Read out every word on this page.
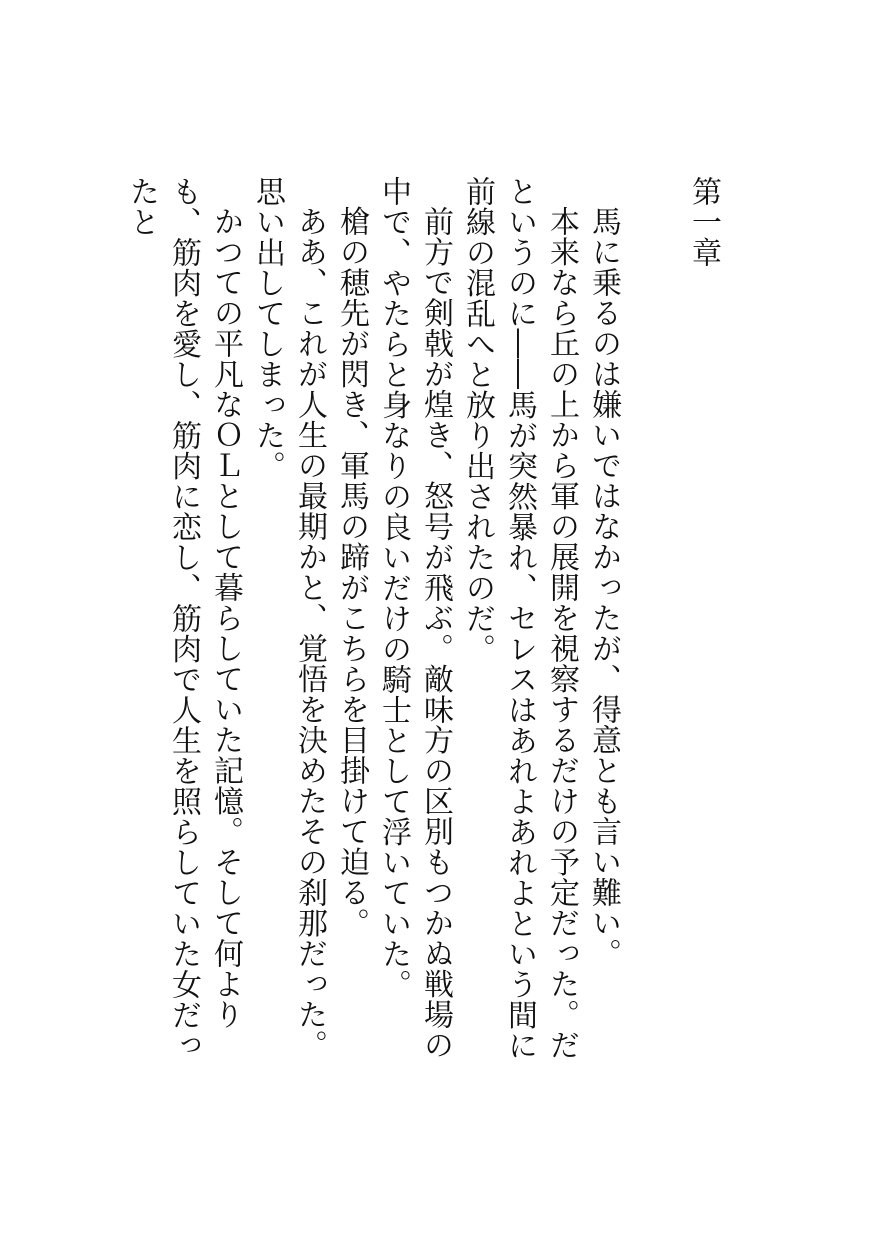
第一章

馬に乗るのは嫌いではなかったが、得意とも言い難い。

本来なら丘の上から軍の展開を視察するだけの予定だった。だというのに――馬が突然暴れ、セレスはあれよあれよという間に前線の混乱へと放り出されたのだ。

前方で剣戟が煌き、怒号が飛ぶ。敵味方の区別もつかぬ戦場の中で、やたらと身なりの良いだけの騎士として浮いていた。

槍の穂先が閃き、軍馬の蹄がこちらを目掛けて迫る。

ああ、これが人生の最期かと、覚悟を決めたその刹那だった。思い出してしまった。

かつての平凡なＯＬとして暮らしていた記憶。そして何よりも、筋肉を愛し、筋肉に恋し、筋肉で人生を照らしていた女だったと
